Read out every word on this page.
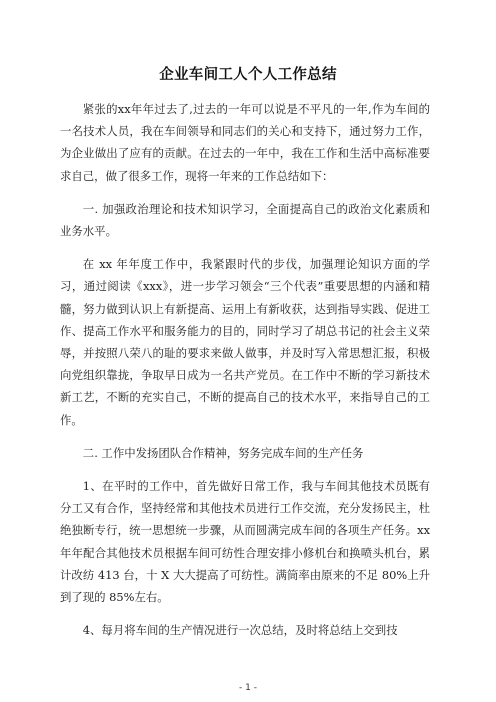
企业车间工人个人工作总结

紧张的xx年年过去了,过去的一年可以说是不平凡的一年,作为车间的一名技术人员，我在车间领导和同志们的关心和支持下，通过努力工作，为企业做出了应有的贡献。在过去的一年中，我在工作和生活中高标准要求自己，做了很多工作，现将一年来的工作总结如下：

一. 加强政治理论和技术知识学习，全面提高自己的政治文化素质和业务水平。

在 xx 年年度工作中，我紧跟时代的步伐，加强理论知识方面的学习，通过阅读《xxx》，进一步学习领会“三个代表”重要思想的内涵和精髓，努力做到认识上有新提高、运用上有新收获，达到指导实践、促进工作、提高工作水平和服务能力的目的，同时学习了胡总书记的社会主义荣辱，并按照八荣八的耻的要求来做人做事，并及时写入常思想汇报，积极向党组织靠拢，争取早日成为一名共产党员。在工作中不断的学习新技术新工艺，不断的充实自己，不断的提高自己的技术水平，来指导自己的工作。

二. 工作中发扬团队合作精神，努务完成车间的生产任务

1、在平时的工作中，首先做好日常工作，我与车间其他技术员既有分工又有合作，坚持经常和其他技术员进行工作交流，充分发扬民主，杜绝独断专行，统一思想统一步骤，从而圆满完成车间的各项生产任务。xx 年年配合其他技术员根据车间可纺性合理安排小修机台和换喷头机台，累计改纺 413 台，十 X 大大提高了可纺性。满筒率由原来的不足 80%上升到了现的 85%左右。

4、每月将车间的生产情况进行一次总结，及时将总结上交到技

- 1 -
